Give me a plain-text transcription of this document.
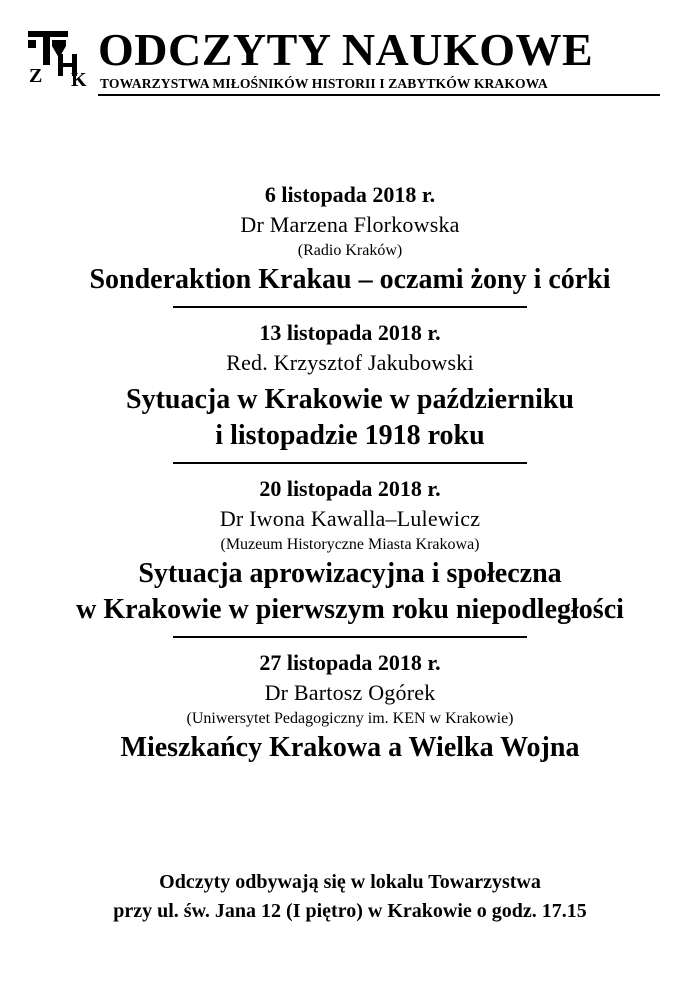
Z K
ODCZYTY NAUKOWE
TOWARZYSTWA MIŁOŚNIKÓW HISTORII I ZABYTKÓW KRAKOWA

6 listopada 2018 r.

Dr Marzena Florkowska

(Radio Kraków)

Sonderaktion Krakau – oczami żony i córki

13 listopada 2018 r.

Red. Krzysztof Jakubowski

Sytuacja w Krakowie w październiku
i listopadzie 1918 roku

20 listopada 2018 r.

Dr Iwona Kawalla–Lulewicz

(Muzeum Historyczne Miasta Krakowa)

Sytuacja aprowizacyjna i społeczna
w Krakowie w pierwszym roku niepodległości

27 listopada 2018 r.

Dr Bartosz Ogórek

(Uniwersytet Pedagogiczny im. KEN w Krakowie)

Mieszkańcy Krakowa a Wielka Wojna

Odczyty odbywają się w lokalu Towarzystwa
przy ul. św. Jana 12 (I piętro) w Krakowie o godz. 17.15
